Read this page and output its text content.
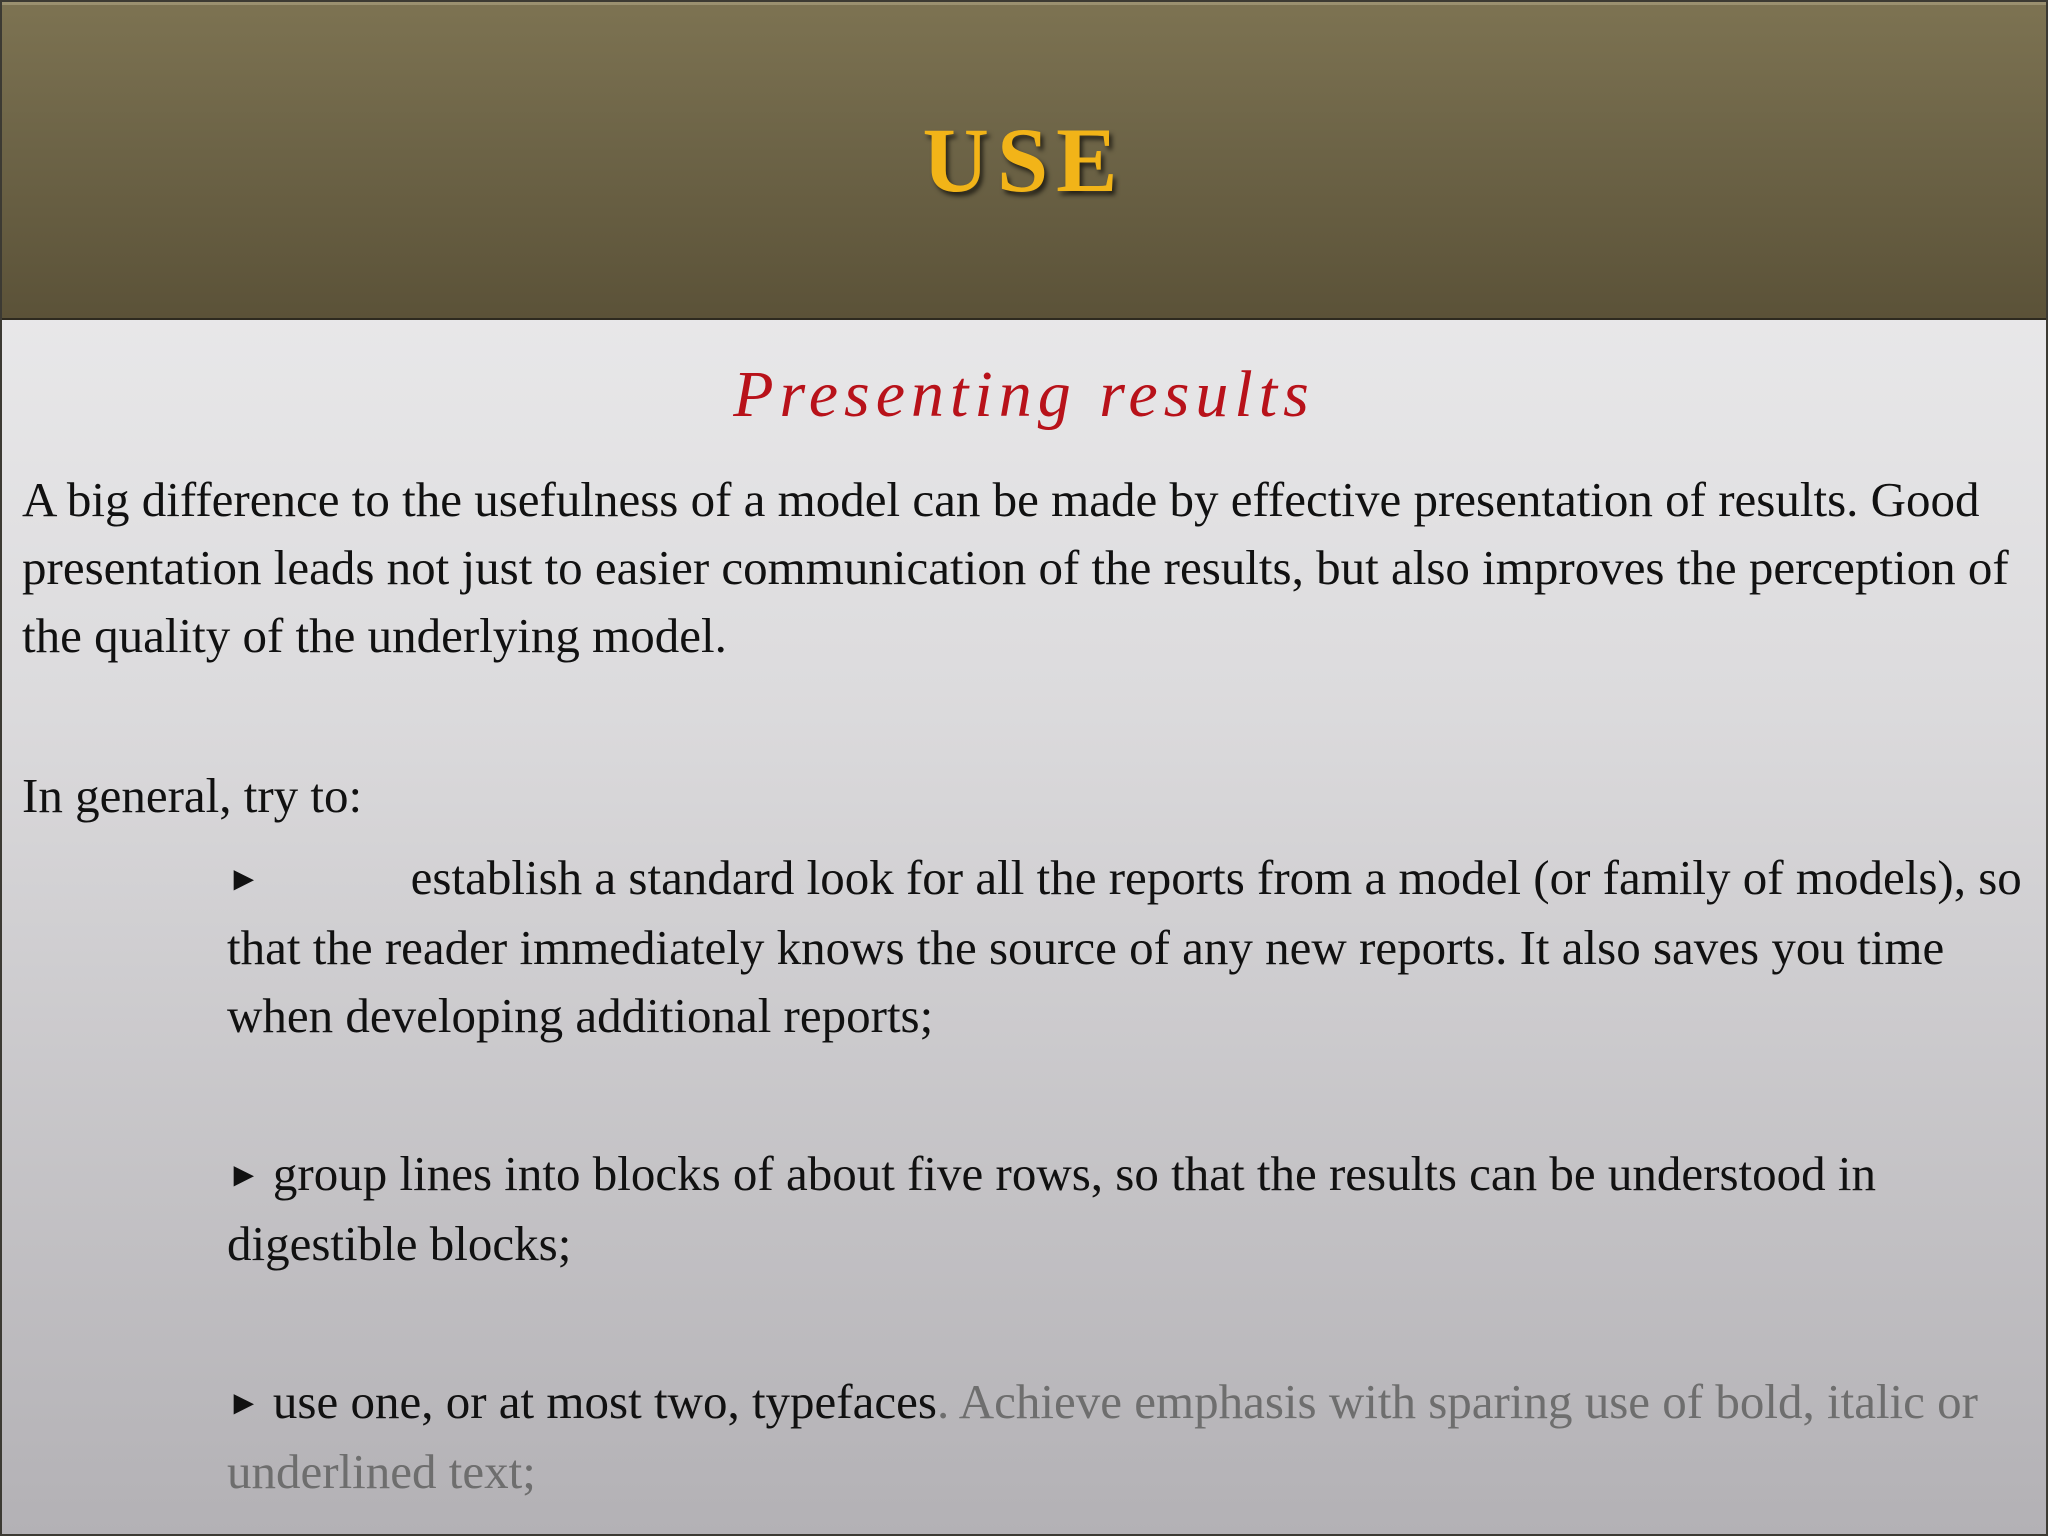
USE
Presenting results

A big difference to the usefulness of a model can be made by effective presentation of results. Good presentation leads not just to easier communication of the results, but also improves the perception of the quality of the underlying model.

In general, try to:

►	establish a standard look for all the reports from a model (or family of models), so that the reader immediately knows the source of any new reports. It also saves you time when developing additional reports;

► group lines into blocks of about five rows, so that the results can be understood in digestible blocks;

► use one, or at most two, typefaces. Achieve emphasis with sparing use of bold, italic or underlined text;
